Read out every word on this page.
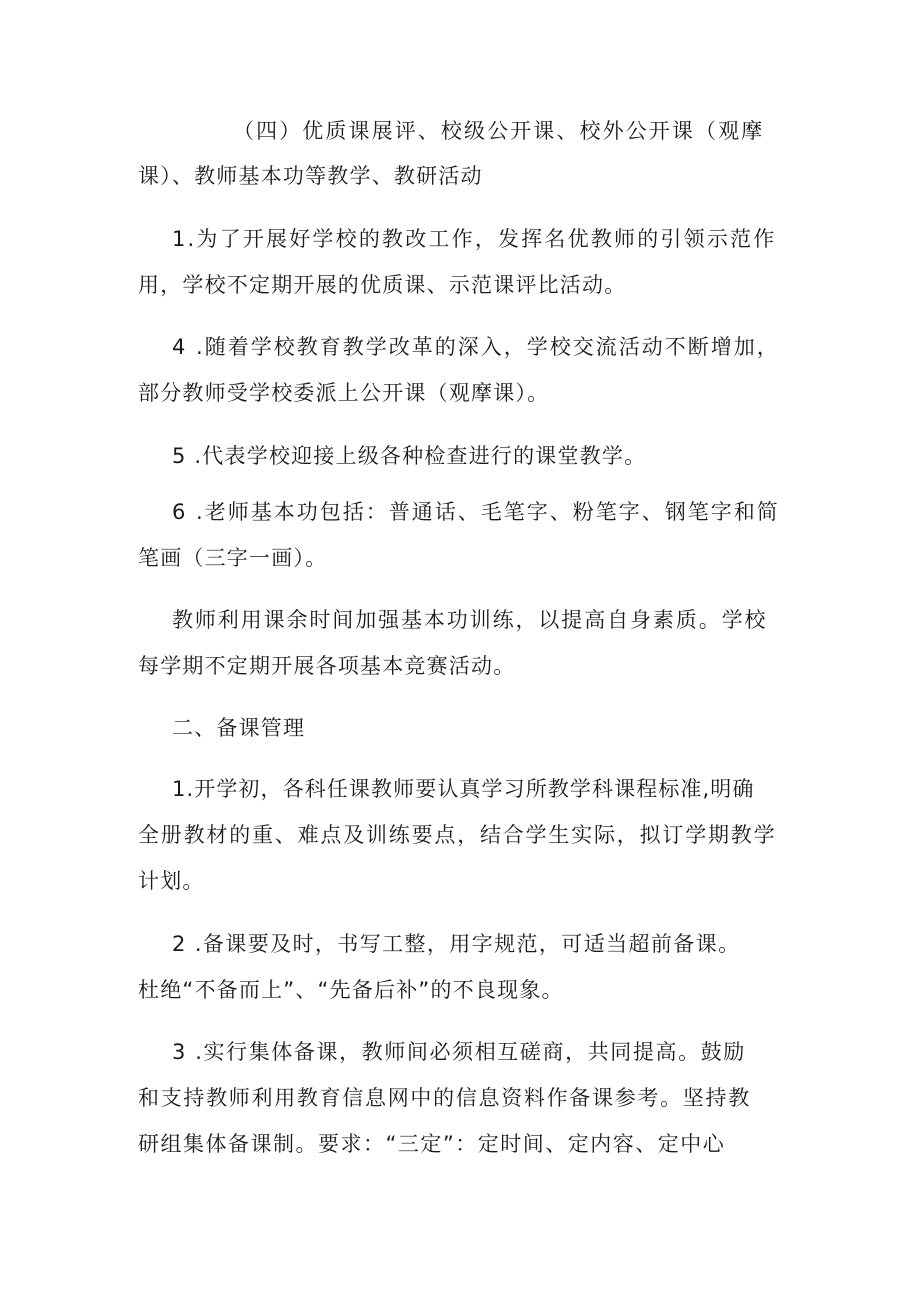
（四）优质课展评、校级公开课、校外公开课（观摩

课）、教师基本功等教学、教研活动

1.为了开展好学校的教改工作，发挥名优教师的引领示范作

用，学校不定期开展的优质课、示范课评比活动。

4 .随着学校教育教学改革的深入，学校交流活动不断增加，

部分教师受学校委派上公开课（观摩课）。

5 .代表学校迎接上级各种检查进行的课堂教学。

6 .老师基本功包括：普通话、毛笔字、粉笔字、钢笔字和简

笔画（三字一画）。

教师利用课余时间加强基本功训练，以提高自身素质。学校

每学期不定期开展各项基本竞赛活动。

二、备课管理

1.开学初，各科任课教师要认真学习所教学科课程标准,明确

全册教材的重、难点及训练要点，结合学生实际，拟订学期教学

计划。

2 .备课要及时，书写工整，用字规范，可适当超前备课。

杜绝“不备而上”、“先备后补”的不良现象。

3 .实行集体备课，教师间必须相互磋商，共同提高。鼓励

和支持教师利用教育信息网中的信息资料作备课参考。坚持教

研组集体备课制。要求：“三定”：定时间、定内容、定中心
